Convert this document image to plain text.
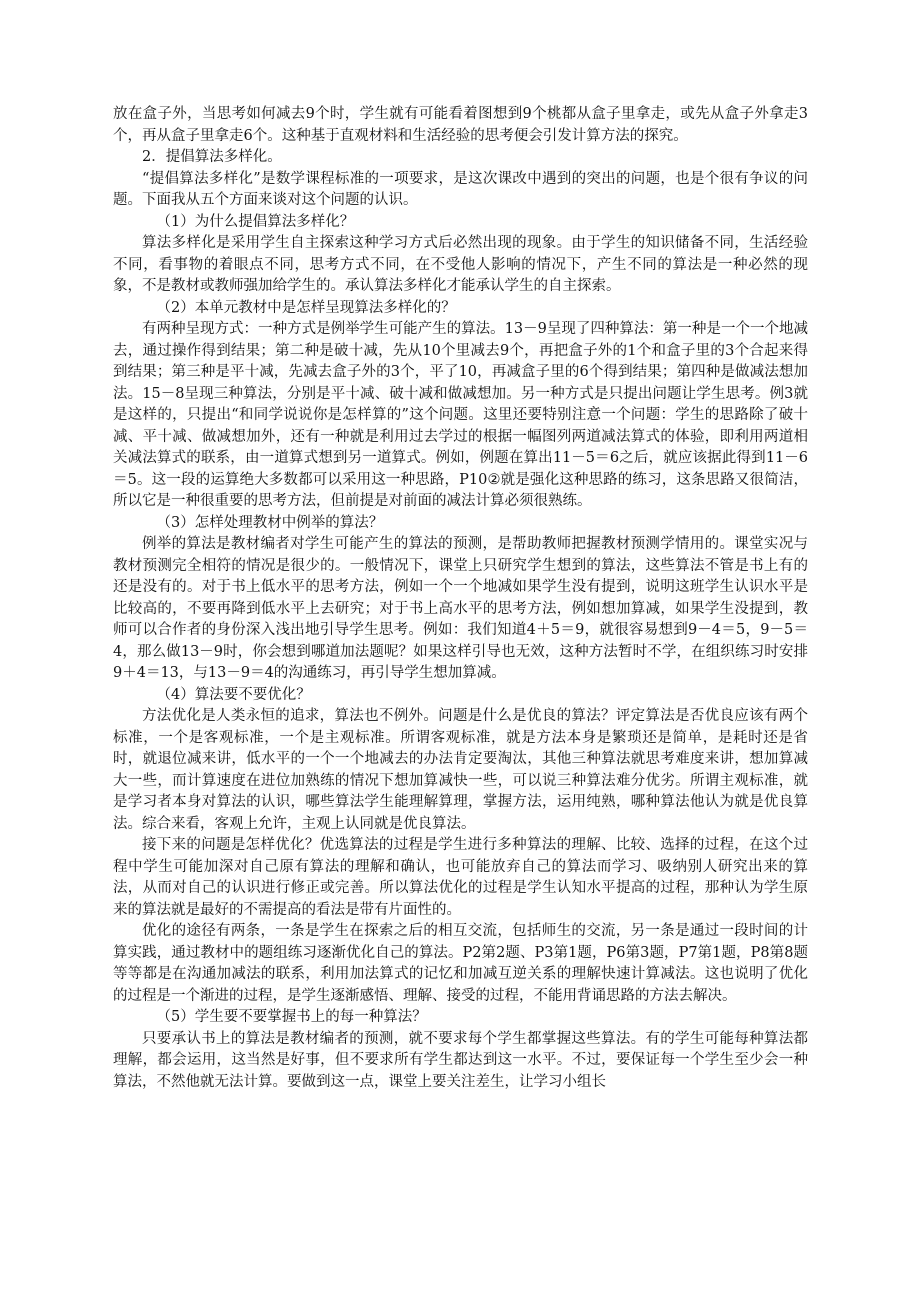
放在盒子外，当思考如何减去9个时，学生就有可能看着图想到9个桃都从盒子里拿走，或先从盒子外拿走3个，再从盒子里拿走6个。这种基于直观材料和生活经验的思考便会引发计算方法的探究。

2．提倡算法多样化。

“提倡算法多样化”是数学课程标准的一项要求，是这次课改中遇到的突出的问题，也是个很有争议的问题。下面我从五个方面来谈对这个问题的认识。

（1）为什么提倡算法多样化？

算法多样化是采用学生自主探索这种学习方式后必然出现的现象。由于学生的知识储备不同，生活经验不同，看事物的着眼点不同，思考方式不同，在不受他人影响的情况下，产生不同的算法是一种必然的现象，不是教材或教师强加给学生的。承认算法多样化才能承认学生的自主探索。

（2）本单元教材中是怎样呈现算法多样化的？

有两种呈现方式：一种方式是例举学生可能产生的算法。13－9呈现了四种算法：第一种是一个一个地减去，通过操作得到结果；第二种是破十减，先从10个里减去9个，再把盒子外的1个和盒子里的3个合起来得到结果；第三种是平十减，先减去盒子外的3个，平了10，再减盒子里的6个得到结果；第四种是做减法想加法。15－8呈现三种算法，分别是平十减、破十减和做减想加。另一种方式是只提出问题让学生思考。例3就是这样的，只提出“和同学说说你是怎样算的”这个问题。这里还要特别注意一个问题：学生的思路除了破十减、平十减、做减想加外，还有一种就是利用过去学过的根据一幅图列两道减法算式的体验，即利用两道相关减法算式的联系，由一道算式想到另一道算式。例如，例题在算出11－5＝6之后，就应该据此得到11－6＝5。这一段的运算绝大多数都可以采用这一种思路，P10②就是强化这种思路的练习，这条思路又很简洁，所以它是一种很重要的思考方法，但前提是对前面的减法计算必须很熟练。

（3）怎样处理教材中例举的算法？

例举的算法是教材编者对学生可能产生的算法的预测，是帮助教师把握教材预测学情用的。课堂实况与教材预测完全相符的情况是很少的。一般情况下，课堂上只研究学生想到的算法，这些算法不管是书上有的还是没有的。对于书上低水平的思考方法，例如一个一个地减如果学生没有提到，说明这班学生认识水平是比较高的，不要再降到低水平上去研究；对于书上高水平的思考方法，例如想加算减，如果学生没提到，教师可以合作者的身份深入浅出地引导学生思考。例如：我们知道4＋5＝9，就很容易想到9－4＝5，9－5＝4，那么做13－9时，你会想到哪道加法题呢？如果这样引导也无效，这种方法暂时不学，在组织练习时安排9＋4＝13，与13－9＝4的沟通练习，再引导学生想加算减。

（4）算法要不要优化？

方法优化是人类永恒的追求，算法也不例外。问题是什么是优良的算法？评定算法是否优良应该有两个标准，一个是客观标准，一个是主观标准。所谓客观标准，就是方法本身是繁琐还是简单，是耗时还是省时，就退位减来讲，低水平的一个一个地减去的办法肯定要淘汰，其他三种算法就思考难度来讲，想加算减大一些，而计算速度在进位加熟练的情况下想加算减快一些，可以说三种算法难分优劣。所谓主观标准，就是学习者本身对算法的认识，哪些算法学生能理解算理，掌握方法，运用纯熟，哪种算法他认为就是优良算法。综合来看，客观上允许，主观上认同就是优良算法。

接下来的问题是怎样优化？优选算法的过程是学生进行多种算法的理解、比较、选择的过程，在这个过程中学生可能加深对自己原有算法的理解和确认，也可能放弃自己的算法而学习、吸纳别人研究出来的算法，从而对自己的认识进行修正或完善。所以算法优化的过程是学生认知水平提高的过程，那种认为学生原来的算法就是最好的不需提高的看法是带有片面性的。

优化的途径有两条，一条是学生在探索之后的相互交流，包括师生的交流，另一条是通过一段时间的计算实践，通过教材中的题组练习逐渐优化自己的算法。P2第2题、P3第1题，P6第3题，P7第1题，P8第8题等等都是在沟通加减法的联系，利用加法算式的记忆和加减互逆关系的理解快速计算减法。这也说明了优化的过程是一个渐进的过程，是学生逐渐感悟、理解、接受的过程，不能用背诵思路的方法去解决。

（5）学生要不要掌握书上的每一种算法？

只要承认书上的算法是教材编者的预测，就不要求每个学生都掌握这些算法。有的学生可能每种算法都理解，都会运用，这当然是好事，但不要求所有学生都达到这一水平。不过，要保证每一个学生至少会一种算法，不然他就无法计算。要做到这一点，课堂上要关注差生，让学习小组长
